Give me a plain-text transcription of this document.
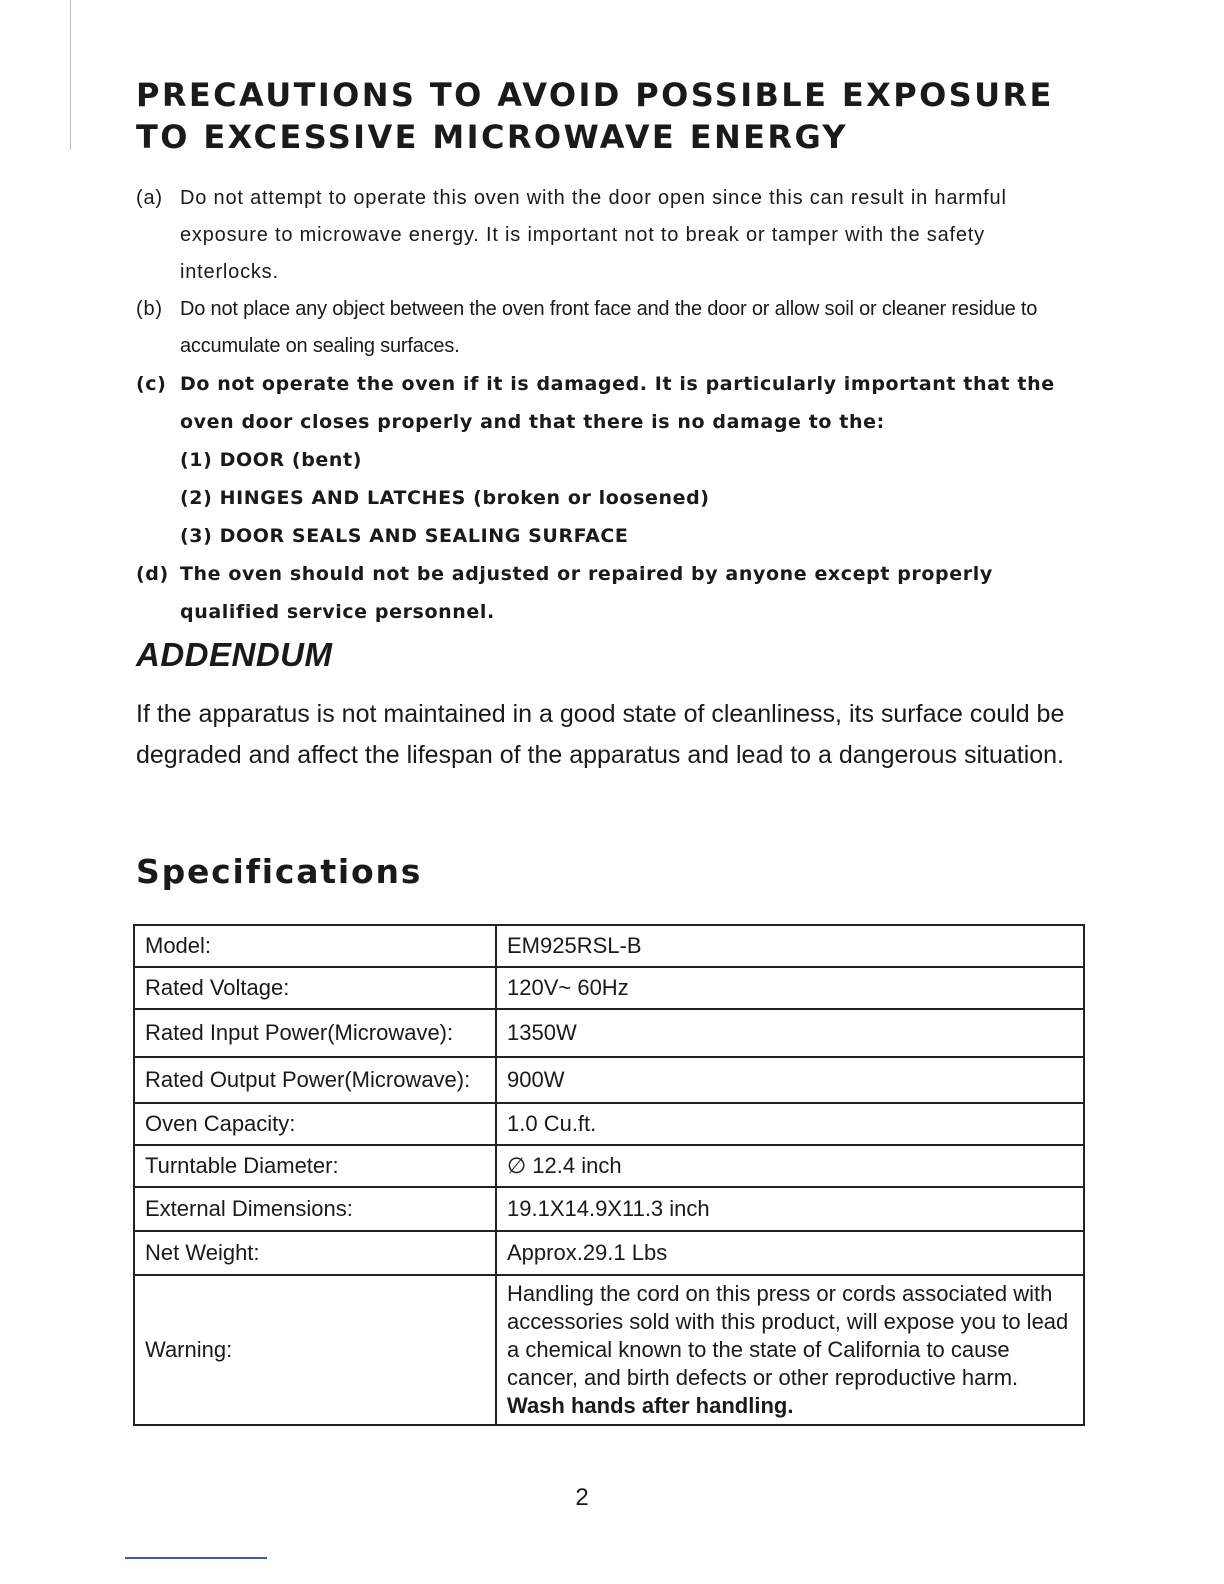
PRECAUTIONS TO AVOID POSSIBLE EXPOSURE
TO EXCESSIVE MICROWAVE ENERGY
(a) Do not attempt to operate this oven with the door open since this can result in harmful exposure to microwave energy. It is important not to break or tamper with the safety interlocks.
(b) Do not place any object between the oven front face and the door or allow soil or cleaner residue to accumulate on sealing surfaces.
(c) Do not operate the oven if it is damaged. It is particularly important that the oven door closes properly and that there is no damage to the:
(1) DOOR (bent)
(2) HINGES AND LATCHES (broken or loosened)
(3) DOOR SEALS AND SEALING SURFACE
(d) The oven should not be adjusted or repaired by anyone except properly qualified service personnel.
ADDENDUM

If the apparatus is not maintained in a good state of cleanliness, its surface could be degraded and affect the lifespan of the apparatus and lead to a dangerous situation.

Specifications
Model:	EM925RSL-B
Rated Voltage:	120V~ 60Hz
Rated Input Power(Microwave):	1350W
Rated Output Power(Microwave):	900W
Oven Capacity:	1.0 Cu.ft.
Turntable Diameter:	∅ 12.4 inch
External Dimensions:	19.1X14.9X11.3 inch
Net Weight:	Approx.29.1 Lbs
Warning:	Handling the cord on this press or cords associated with accessories sold with this product, will expose you to lead a chemical known to the state of California to cause cancer, and birth defects or other reproductive harm. Wash hands after handling.

2
